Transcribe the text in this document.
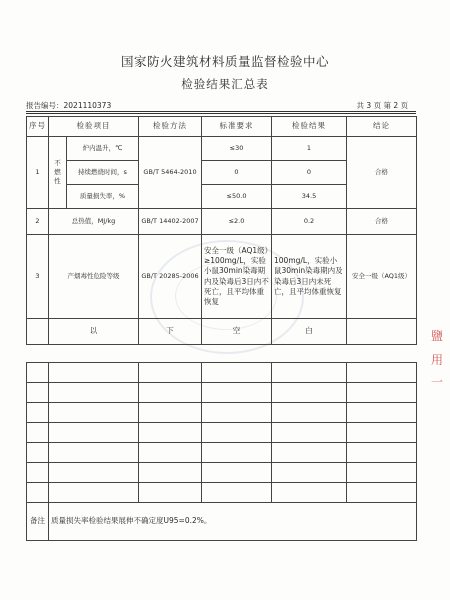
国家防火建筑材料质量监督检验中心
检验结果汇总表
报告编号：2021110373	共 3 页 第 2 页
序号	检验项目		检验方法	标准要求	检验结果	结论
1	不燃性	炉内温升，℃	GB/T 5464-2010	≤30	1	合格
		持续燃烧时间，s		0	0	
		质量损失率，%		≤50.0	34.5	
2	总热值，MJ/kg		GB/T 14402-2007	≤2.0	0.2	合格
3	产烟毒性危险等级		GB/T 20285-2006	安全一级（AQ1级）≥100mg/L，实验小鼠30min染毒期内及染毒后3日内不死亡，且平均体重恢复	100mg/L，实验小鼠30min染毒期内及染毒后3日内未死亡，且平均体重恢复	安全一级（AQ1级）
	以		下	空	白	

备注	质量损失率检验结果展伸不确定度U95=0.2%。
鹽
用
一
